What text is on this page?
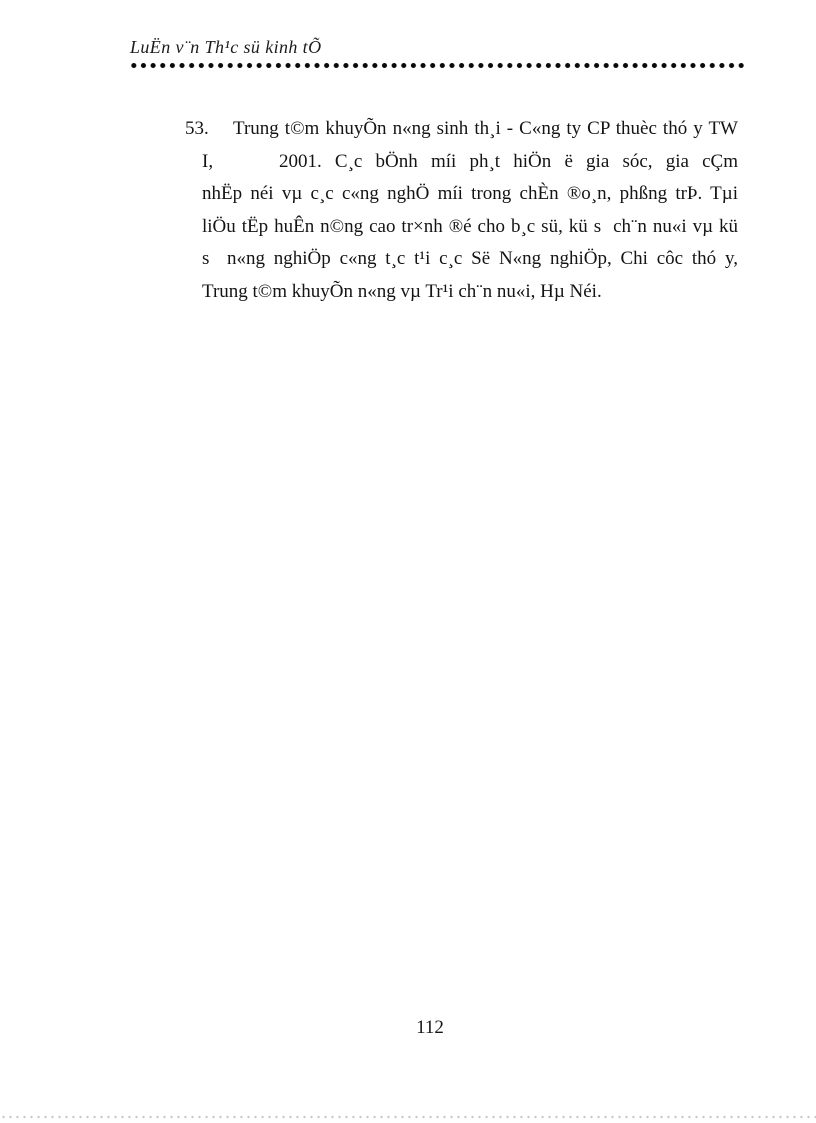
LuËn v¨n Th¹c sü kinh tÕ
53.	Trung t©m khuyÕn n«ng sinh th¸i - C«ng ty CP thuèc thó y TW
I,     2001. C¸c bÖnh míi ph¸t hiÖn ë gia sóc, gia cÇm
nhËp néi vµ c¸c c«ng nghÖ míi trong chÈn ®o¸n, phßng trÞ. Tµi
liÖu tËp huÊn n©ng cao tr×nh ®é cho b¸c sü, kü s  ch¨n nu«i vµ kü
s  n«ng nghiÖp c«ng t¸c t¹i c¸c Së N«ng nghiÖp, Chi côc thó y,
Trung t©m khuyÕn n«ng vµ Tr¹i ch¨n nu«i, Hµ Néi.
112
